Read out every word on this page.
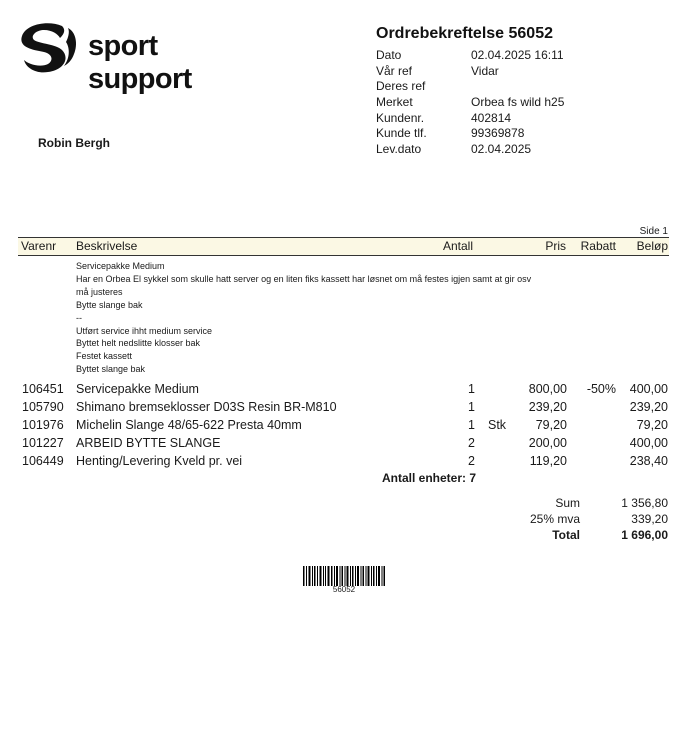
sport support
Ordrebekreftelse 56052
Dato	02.04.2025 16:11
Vår ref	Vidar
Deres ref
Merket	Orbea fs wild h25
Kundenr.	402814
Kunde tlf.	99369878
Lev.dato	02.04.2025
Robin Bergh
Side 1
Varenr Beskrivelse	Antall	Pris Rabatt Beløp
Servicepakke Medium
Har en Orbea El sykkel som skulle hatt server og en liten fiks kassett har løsnet om må festes igjen samt at gir osv
må justeres
Bytte slange bak
--
Utført service ihht medium service
Byttet helt nedslitte klosser bak
Festet kassett
Byttet slange bak
106451 Servicepakke Medium	1	800,00 -50% 400,00
105790 Shimano bremseklosser D03S Resin BR-M810	1	239,20	239,20
101976 Michelin Slange 48/65-622 Presta 40mm	1 Stk 79,20	79,20
101227 ARBEID BYTTE SLANGE	2	200,00	400,00
106449 Henting/Levering Kveld pr. vei	2	119,20	238,40
Antall enheter: 7
Sum	1 356,80
25% mva	339,20
Total	1 696,00
56052
